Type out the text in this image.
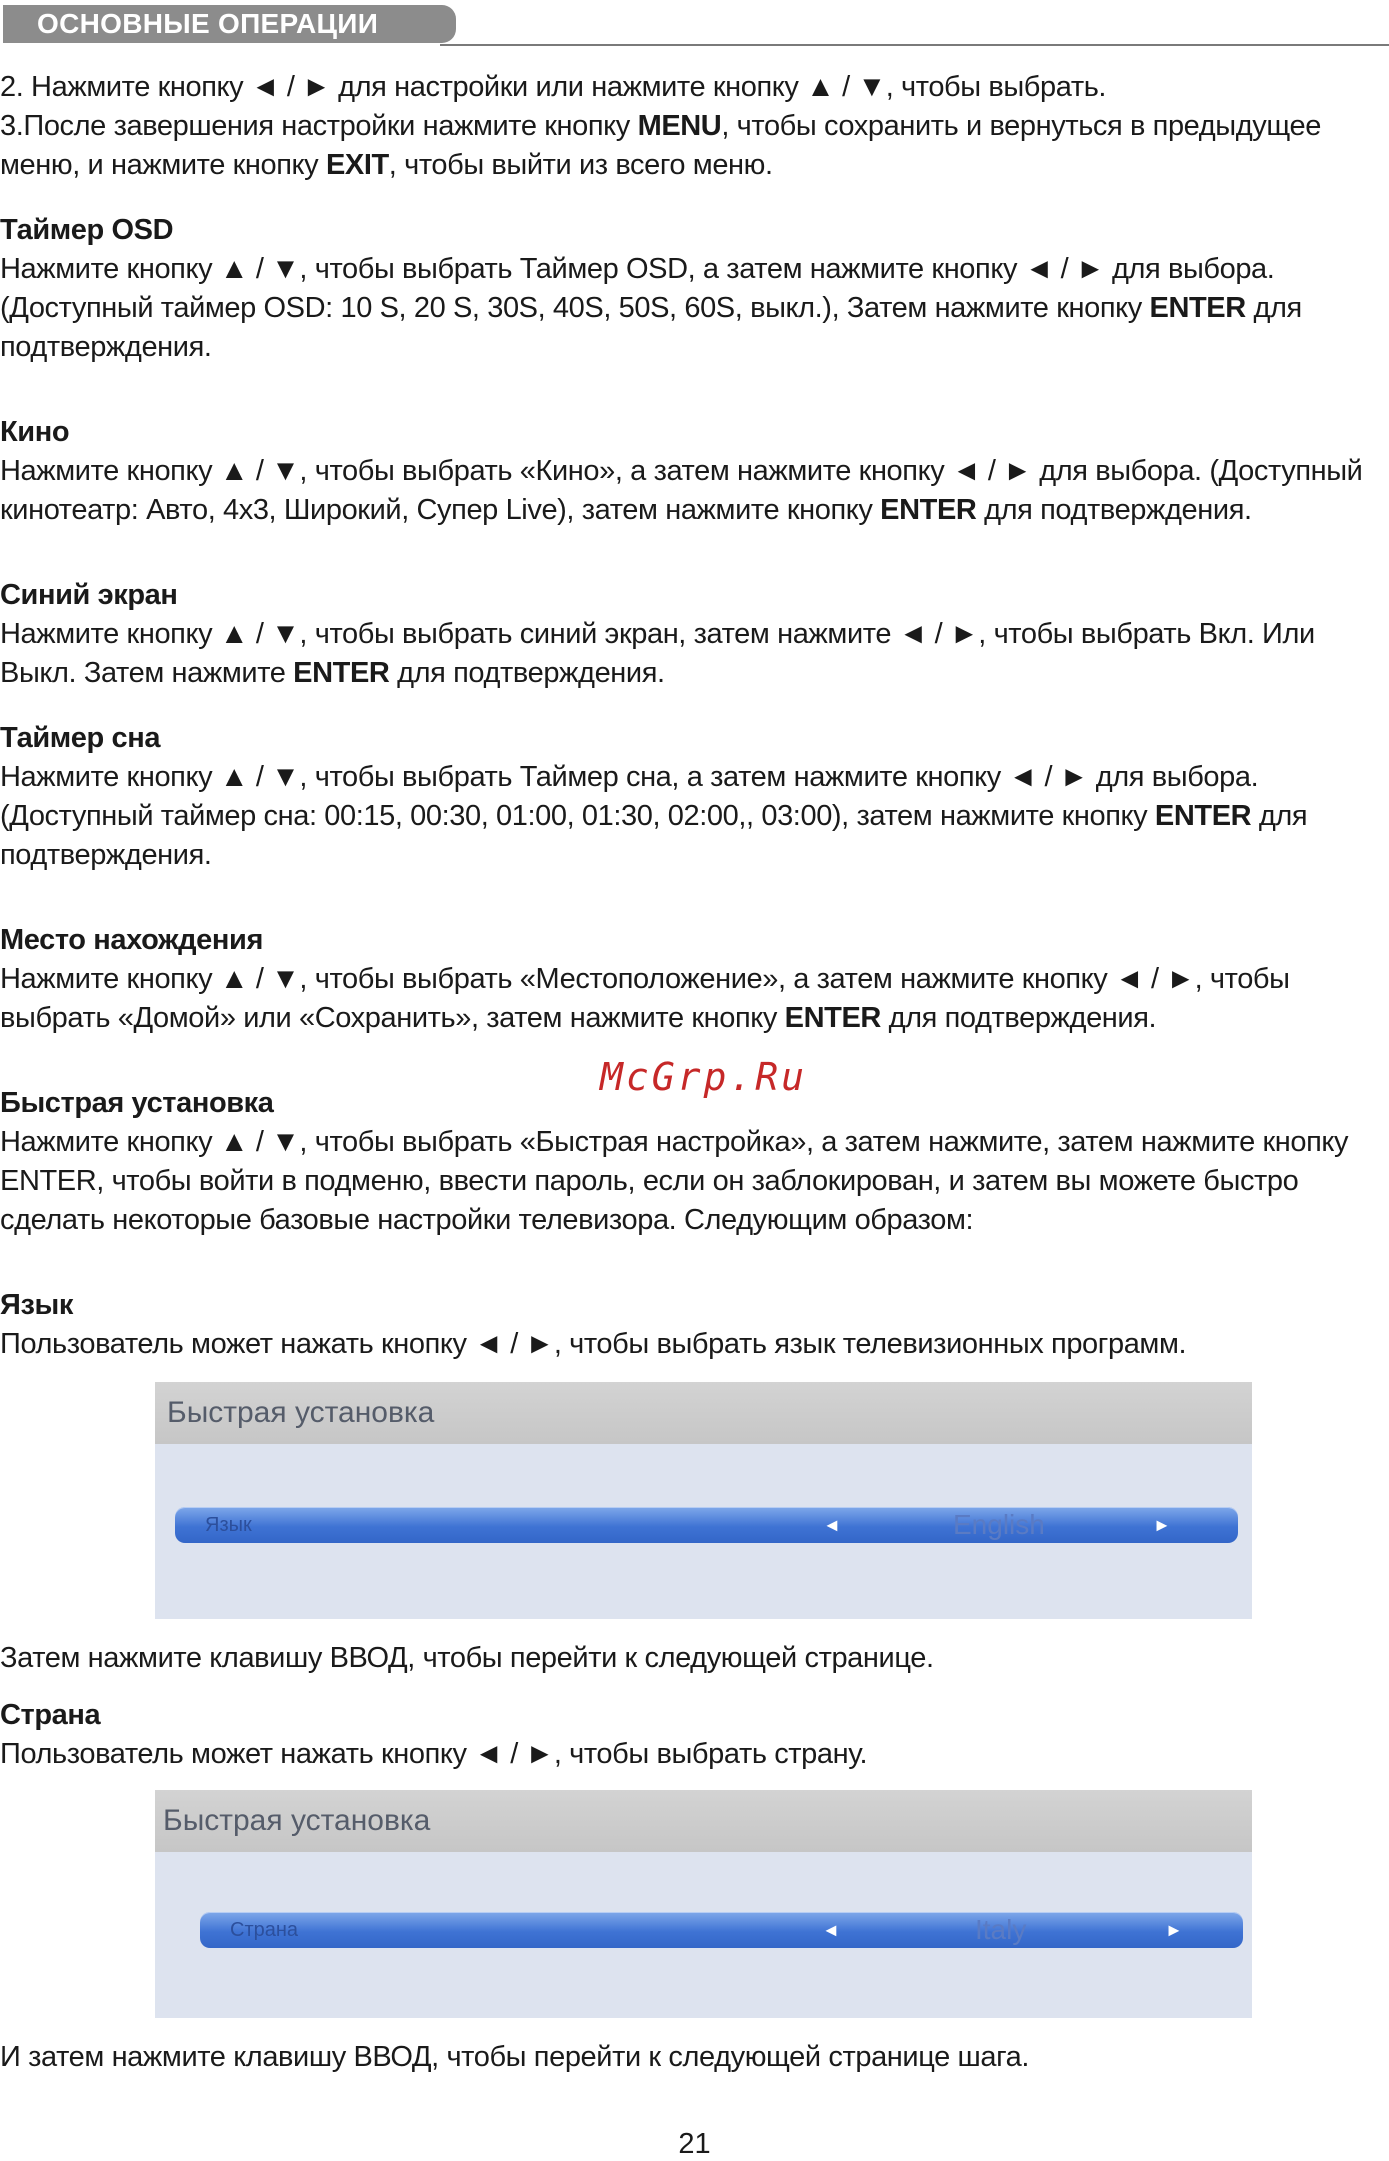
ОСНОВНЫЕ ОПЕРАЦИИ

2. Нажмите кнопку ◄ / ► для настройки или нажмите кнопку ▲ / ▼, чтобы выбрать.

3.После завершения настройки нажмите кнопку MENU, чтобы сохранить и вернуться в предыдущее меню, и нажмите кнопку EXIT, чтобы выйти из всего меню.

Таймер OSD

Нажмите кнопку ▲ / ▼, чтобы выбрать Таймер OSD, а затем нажмите кнопку ◄ / ► для выбора. (Доступный таймер OSD: 10 S, 20 S, 30S, 40S, 50S, 60S, выкл.), Затем нажмите кнопку ENTER для подтверждения.

Кино

Нажмите кнопку ▲ / ▼, чтобы выбрать «Кино», а затем нажмите кнопку ◄ / ► для выбора. (Доступный кинотеатр: Авто, 4x3, Широкий, Супер Live), затем нажмите кнопку ENTER для подтверждения.

Синий экран

Нажмите кнопку ▲ / ▼, чтобы выбрать синий экран, затем нажмите ◄ / ►, чтобы выбрать Вкл. Или Выкл. Затем нажмите ENTER для подтверждения.

Таймер сна

Нажмите кнопку ▲ / ▼, чтобы выбрать Таймер сна, а затем нажмите кнопку ◄ / ► для выбора. (Доступный таймер сна: 00:15, 00:30, 01:00, 01:30, 02:00,, 03:00), затем нажмите кнопку ENTER для подтверждения.

Место нахождения

Нажмите кнопку ▲ / ▼, чтобы выбрать «Местоположение», а затем нажмите кнопку ◄ / ►, чтобы выбрать «Домой» или «Сохранить», затем нажмите кнопку ENTER для подтверждения.

Быстрая установка

Нажмите кнопку ▲ / ▼, чтобы выбрать «Быстрая настройка», а затем нажмите, затем нажмите кнопку ENTER, чтобы войти в подменю, ввести пароль, если он заблокирован, и затем вы можете быстро сделать некоторые базовые настройки телевизора. Следующим образом:

Язык

Пользователь может нажать кнопку ◄ / ►, чтобы выбрать язык телевизионных программ.

Быстрая установка
Язык	◄	English	►

Затем нажмите клавишу ВВОД, чтобы перейти к следующей странице.

Страна

Пользователь может нажать кнопку ◄ / ►, чтобы выбрать страну.

Быстрая установка
Страна	◄	Italy	►

И затем нажмите клавишу ВВОД, чтобы перейти к следующей странице шага.

McGrp.Ru
21
